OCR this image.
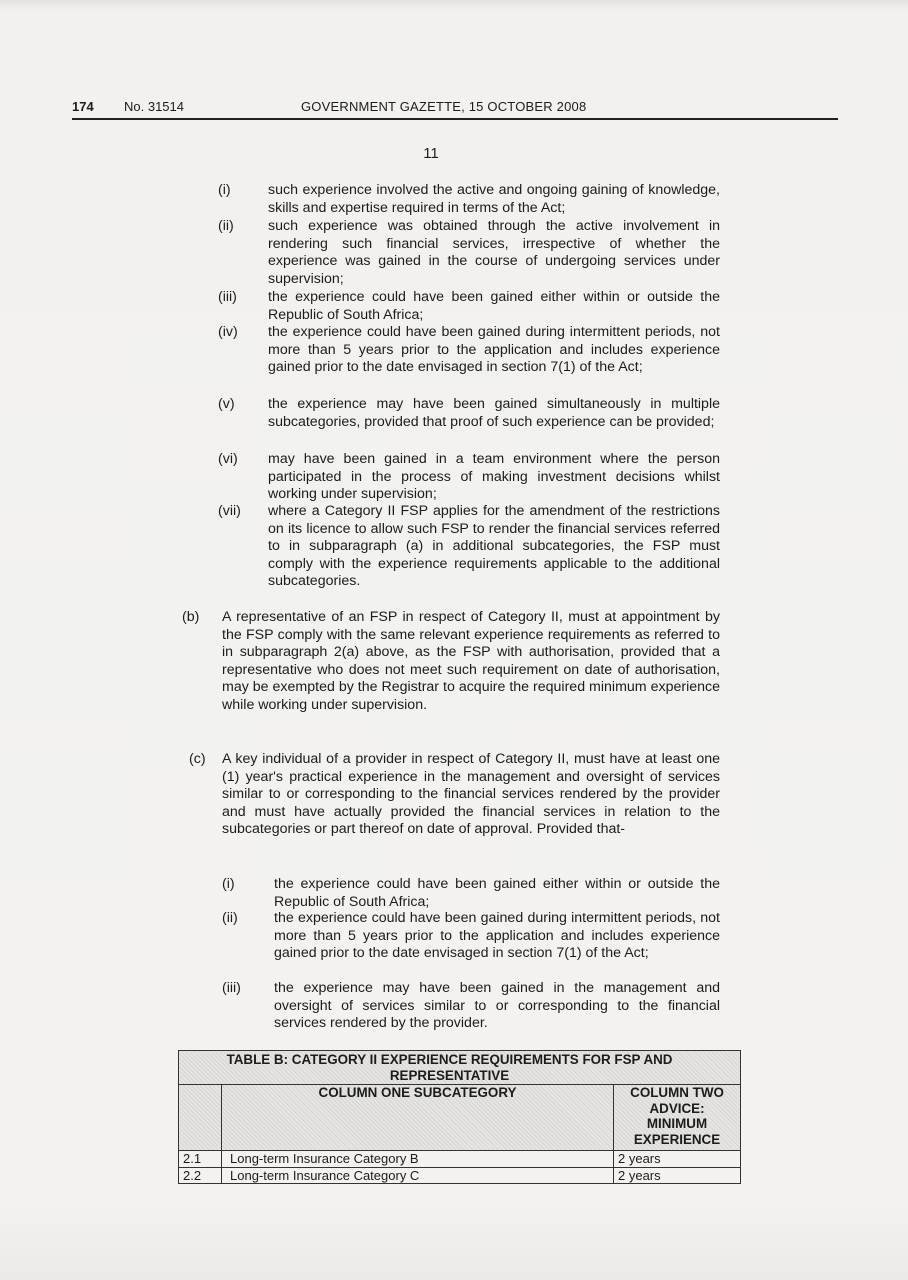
174 No. 31514	GOVERNMENT GAZETTE, 15 OCTOBER 2008
11
(i)	such experience involved the active and ongoing gaining of knowledge, skills and expertise required in terms of the Act;
(ii) such experience was obtained through the active involvement in rendering such financial services, irrespective of whether the experience was gained in the course of undergoing services under supervision;
(iii) the experience could have been gained either within or outside the Republic of South Africa;
(iv) the experience could have been gained during intermittent periods, not more than 5 years prior to the application and includes experience gained prior to the date envisaged in section 7(1) of the Act;
(v) the experience may have been gained simultaneously in multiple subcategories, provided that proof of such experience can be provided;
(vi) may have been gained in a team environment where the person participated in the process of making investment decisions whilst working under supervision;
(vii) where a Category II FSP applies for the amendment of the restrictions on its licence to allow such FSP to render the financial services referred to in subparagraph (a) in additional subcategories, the FSP must comply with the experience requirements applicable to the additional subcategories.
(b) A representative of an FSP in respect of Category II, must at appointment by the FSP comply with the same relevant experience requirements as referred to in subparagraph 2(a) above, as the FSP with authorisation, provided that a representative who does not meet such requirement on date of authorisation, may be exempted by the Registrar to acquire the required minimum experience while working under supervision.
(c) A key individual of a provider in respect of Category II, must have at least one (1) year's practical experience in the management and oversight of services similar to or corresponding to the financial services rendered by the provider and must have actually provided the financial services in relation to the subcategories or part thereof on date of approval. Provided that-
(i)	the experience could have been gained either within or outside the Republic of South Africa;
(ii)	the experience could have been gained during intermittent periods, not more than 5 years prior to the application and includes experience gained prior to the date envisaged in section 7(1) of the Act;
(iii) the experience may have been gained in the management and oversight of services similar to or corresponding to the financial services rendered by the provider.
TABLE B: CATEGORY II EXPERIENCE REQUIREMENTS FOR FSP AND REPRESENTATIVE		
	COLUMN ONE SUBCATEGORY	COLUMN TWO ADVICE: MINIMUM EXPERIENCE
2.1	Long-term Insurance Category B	2 years
2.2	Long-term Insurance Category C	2 years
